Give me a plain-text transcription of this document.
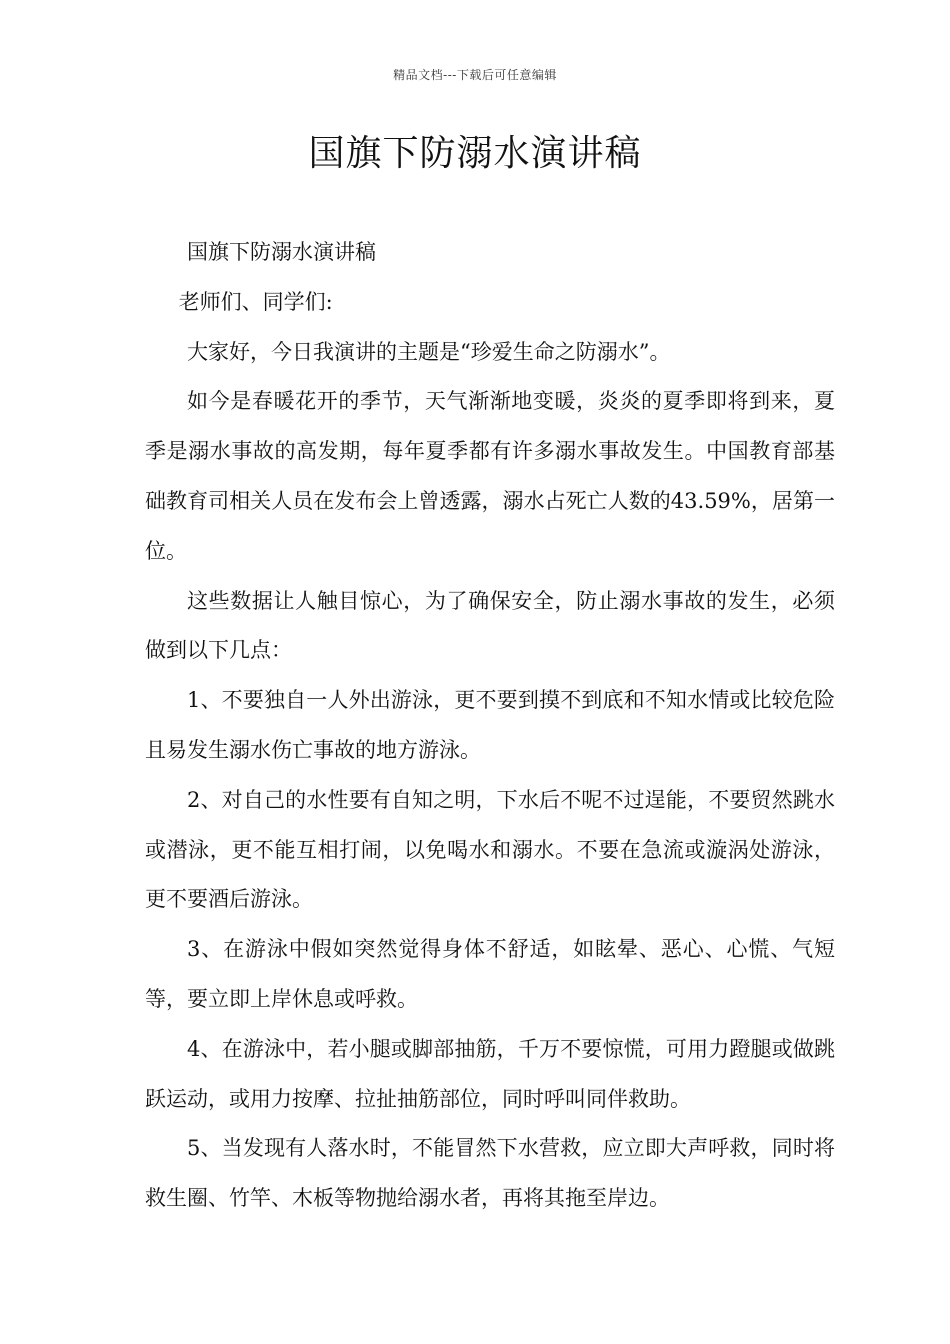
精品文档---下载后可任意编辑
国旗下防溺水演讲稿

国旗下防溺水演讲稿

老师们、同学们:

大家好，今日我演讲的主题是“珍爱生命之防溺水”。

如今是春暖花开的季节，天气渐渐地变暖，炎炎的夏季即将到来，夏季是溺水事故的高发期，每年夏季都有许多溺水事故发生。中国教育部基础教育司相关人员在发布会上曾透露，溺水占死亡人数的43.59%，居第一位。

这些数据让人触目惊心，为了确保安全，防止溺水事故的发生，必须做到以下几点：

1、不要独自一人外出游泳，更不要到摸不到底和不知水情或比较危险且易发生溺水伤亡事故的地方游泳。

2、对自己的水性要有自知之明，下水后不呢不过逞能，不要贸然跳水或潜泳，更不能互相打闹，以免喝水和溺水。不要在急流或漩涡处游泳，更不要酒后游泳。

3、在游泳中假如突然觉得身体不舒适，如眩晕、恶心、心慌、气短等，要立即上岸休息或呼救。

4、在游泳中，若小腿或脚部抽筋，千万不要惊慌，可用力蹬腿或做跳跃运动，或用力按摩、拉扯抽筋部位，同时呼叫同伴救助。

5、当发现有人落水时，不能冒然下水营救，应立即大声呼救，同时将救生圈、竹竿、木板等物抛给溺水者，再将其拖至岸边。
